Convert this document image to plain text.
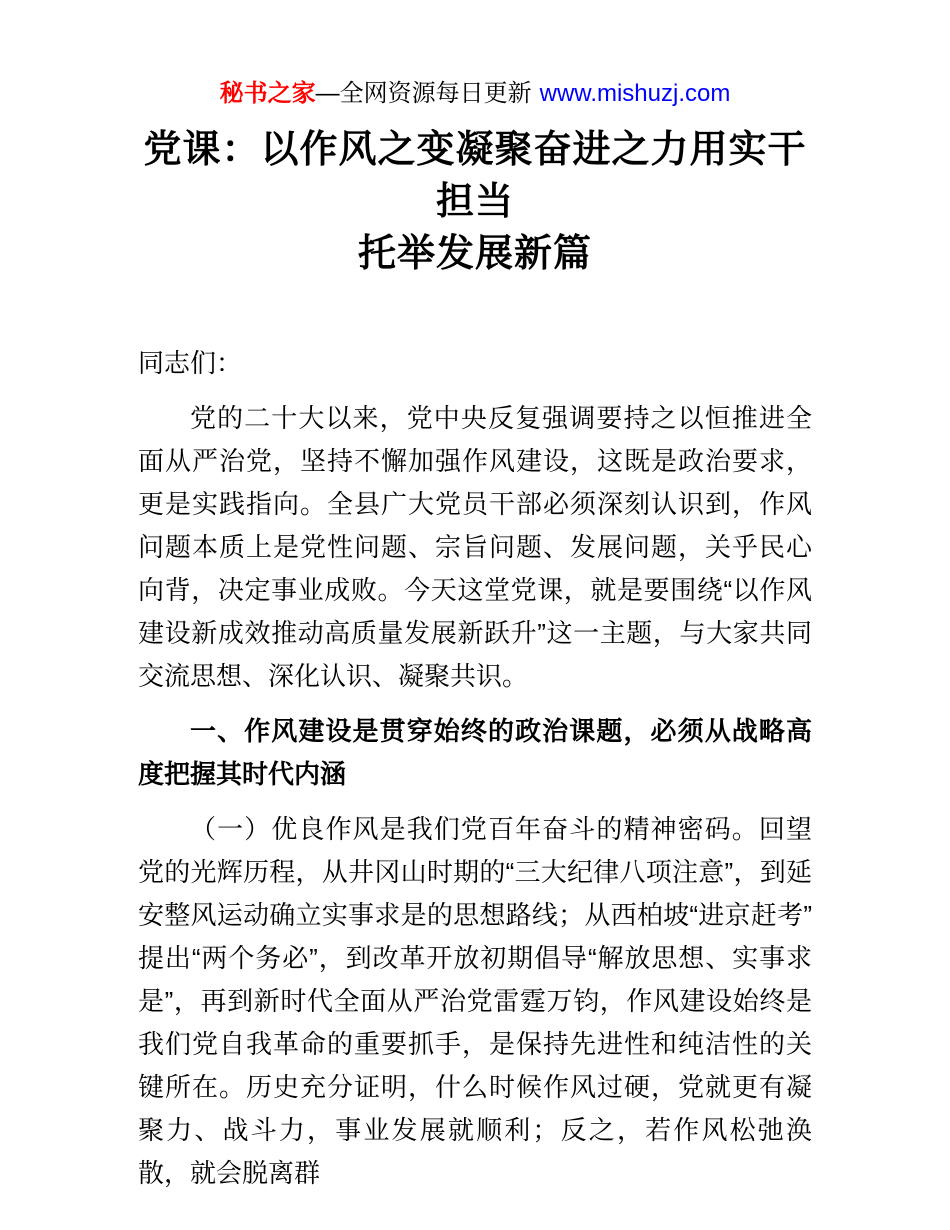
秘书之家—全网资源每日更新 www.mishuzj.com
党课：以作风之变凝聚奋进之力用实干担当
托举发展新篇

同志们：

党的二十大以来，党中央反复强调要持之以恒推进全面从严治党，坚持不懈加强作风建设，这既是政治要求，更是实践指向。全县广大党员干部必须深刻认识到，作风问题本质上是党性问题、宗旨问题、发展问题，关乎民心向背，决定事业成败。今天这堂党课，就是要围绕“以作风建设新成效推动高质量发展新跃升”这一主题，与大家共同交流思想、深化认识、凝聚共识。

一、作风建设是贯穿始终的政治课题，必须从战略高度把握其时代内涵

（一）优良作风是我们党百年奋斗的精神密码。回望党的光辉历程，从井冈山时期的“三大纪律八项注意”，到延安整风运动确立实事求是的思想路线；从西柏坡“进京赶考”提出“两个务必”，到改革开放初期倡导“解放思想、实事求是”，再到新时代全面从严治党雷霆万钧，作风建设始终是我们党自我革命的重要抓手，是保持先进性和纯洁性的关键所在。历史充分证明，什么时候作风过硬，党就更有凝聚力、战斗力，事业发展就顺利；反之，若作风松弛涣散，就会脱离群
